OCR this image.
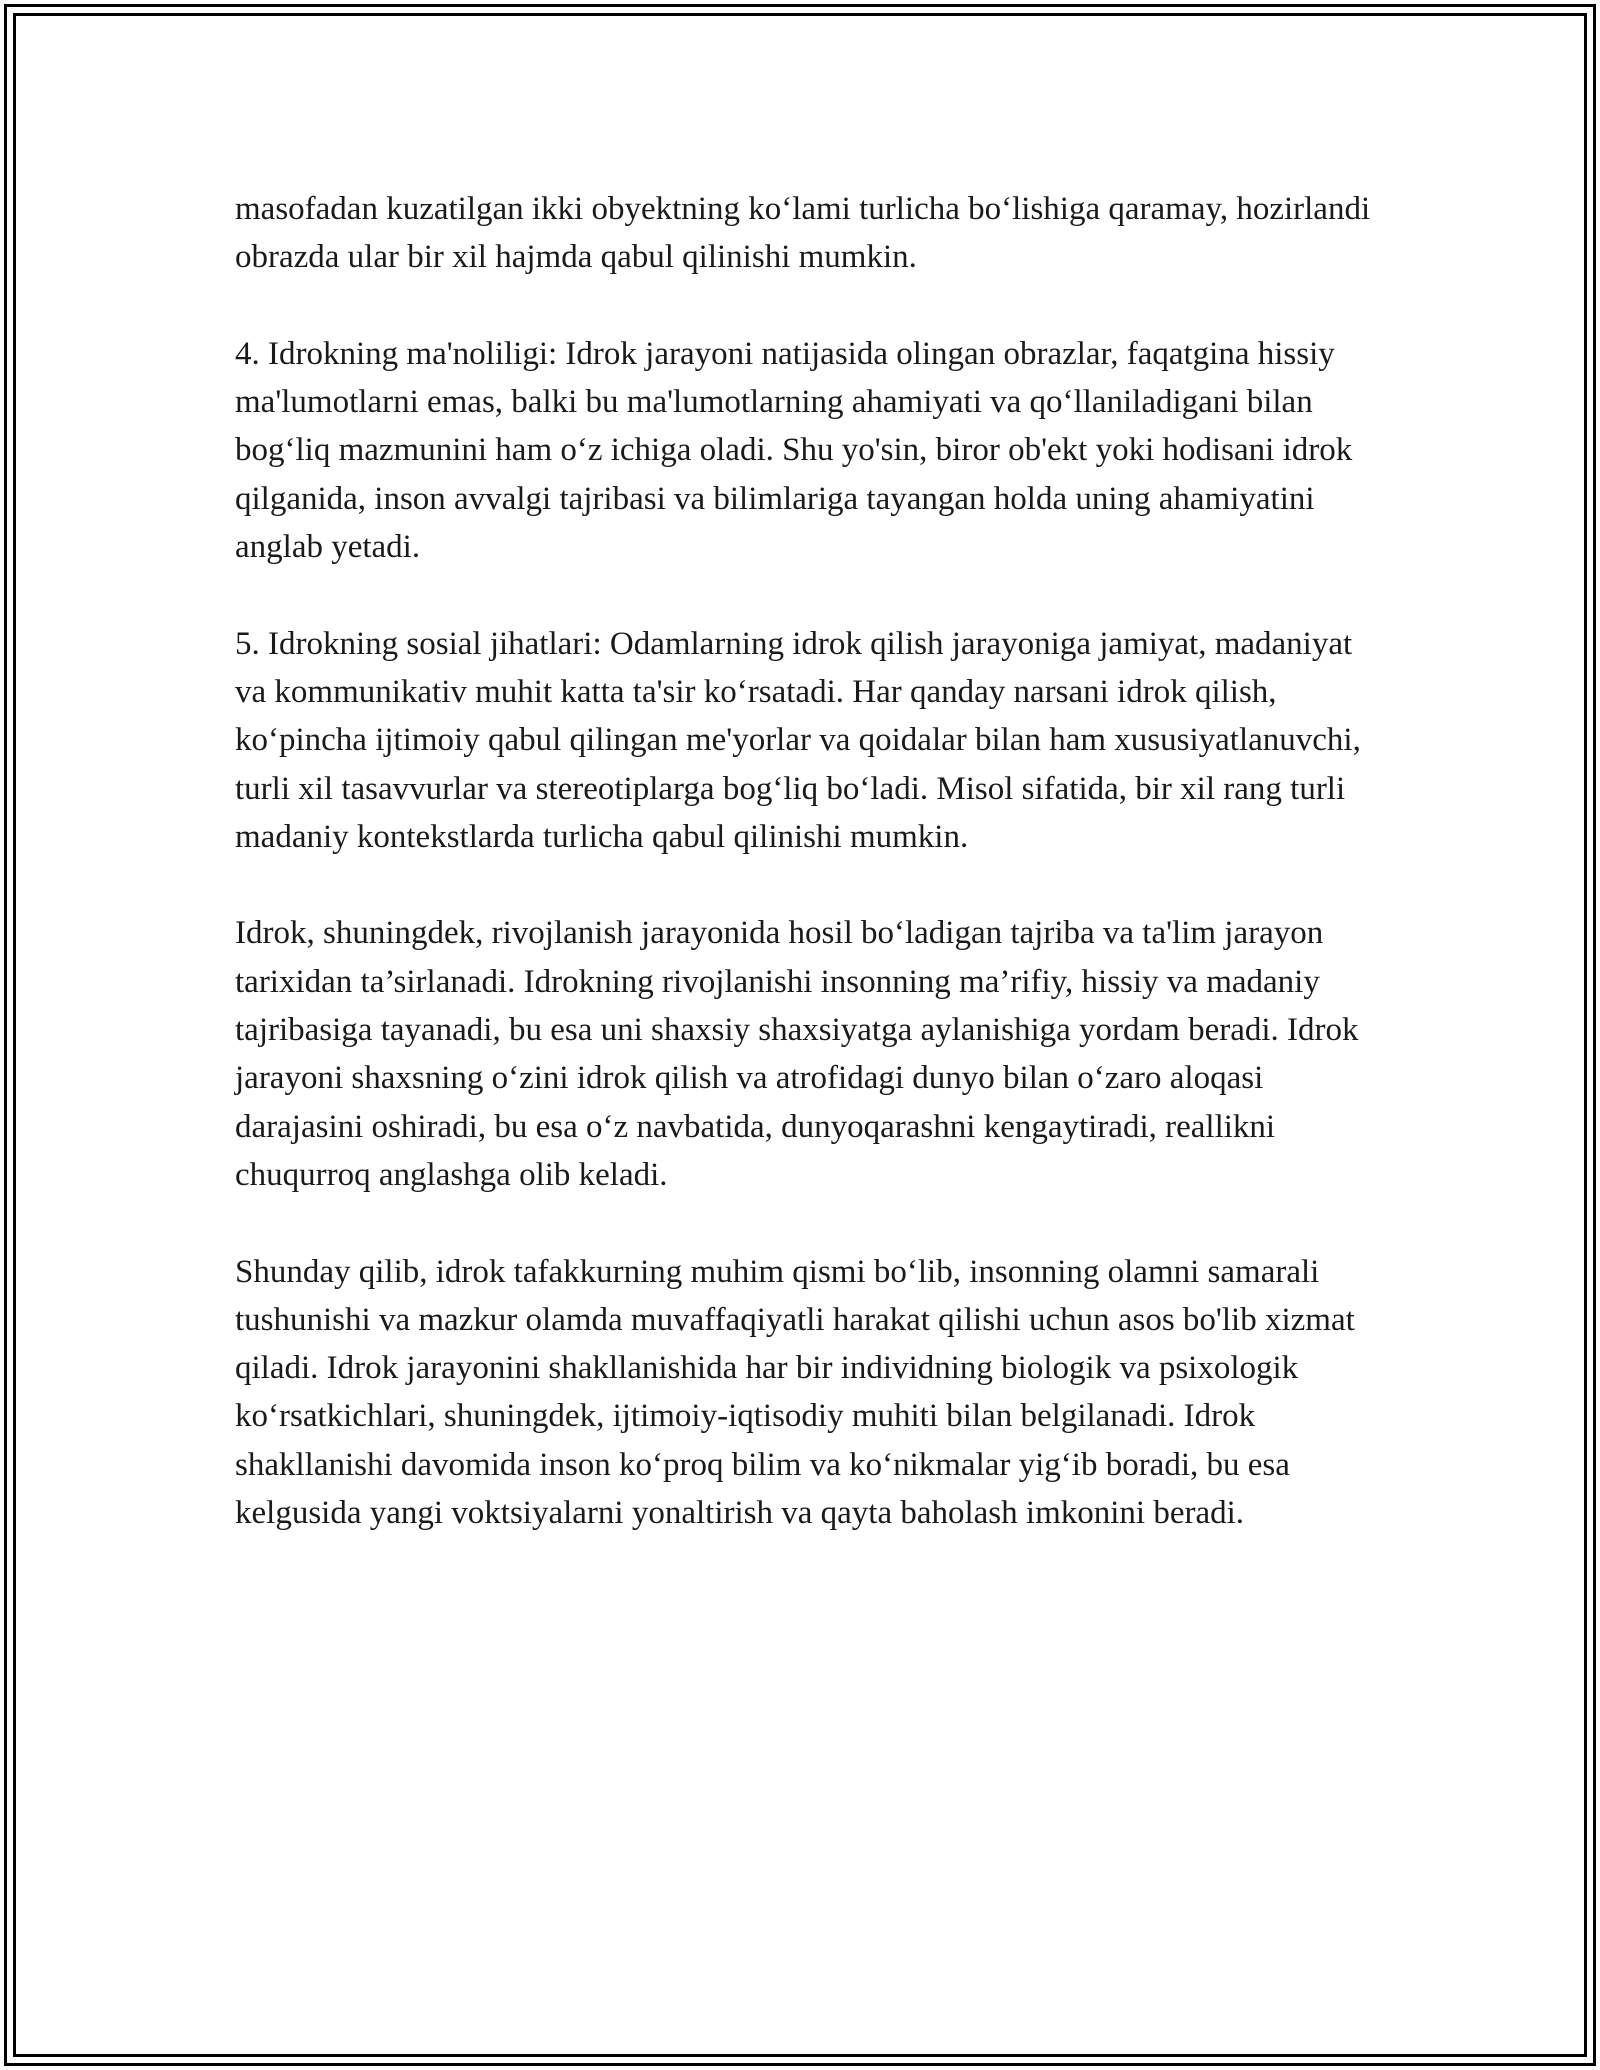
masofadan kuzatilgan ikki obyektning ko‘lami turlicha bo‘lishiga qaramay, hozirlandi obrazda ular bir xil hajmda qabul qilinishi mumkin.

4. Idrokning ma'noliligi: Idrok jarayoni natijasida olingan obrazlar, faqatgina hissiy ma'lumotlarni emas, balki bu ma'lumotlarning ahamiyati va qo‘llaniladigani bilan bog‘liq mazmunini ham o‘z ichiga oladi. Shu yo'sin, biror ob'ekt yoki hodisani idrok qilganida, inson avvalgi tajribasi va bilimlariga tayangan holda uning ahamiyatini anglab yetadi.

5. Idrokning sosial jihatlari: Odamlarning idrok qilish jarayoniga jamiyat, madaniyat va kommunikativ muhit katta ta'sir ko‘rsatadi. Har qanday narsani idrok qilish, ko‘pincha ijtimoiy qabul qilingan me'yorlar va qoidalar bilan ham xususiyatlanuvchi, turli xil tasavvurlar va stereotiplarga bog‘liq bo‘ladi. Misol sifatida, bir xil rang turli madaniy kontekstlarda turlicha qabul qilinishi mumkin.

Idrok, shuningdek, rivojlanish jarayonida hosil bo‘ladigan tajriba va ta'lim jarayon tarixidan ta’sirlanadi. Idrokning rivojlanishi insonning ma’rifiy, hissiy va madaniy tajribasiga tayanadi, bu esa uni shaxsiy shaxsiyatga aylanishiga yordam beradi. Idrok jarayoni shaxsning o‘zini idrok qilish va atrofidagi dunyo bilan o‘zaro aloqasi darajasini oshiradi, bu esa o‘z navbatida, dunyoqarashni kengaytiradi, reallikni chuqurroq anglashga olib keladi.

Shunday qilib, idrok tafakkurning muhim qismi bo‘lib, insonning olamni samarali tushunishi va mazkur olamda muvaffaqiyatli harakat qilishi uchun asos bo'lib xizmat qiladi. Idrok jarayonini shakllanishida har bir individning biologik va psixologik ko‘rsatkichlari, shuningdek, ijtimoiy-iqtisodiy muhiti bilan belgilanadi. Idrok shakllanishi davomida inson ko‘proq bilim va ko‘nikmalar yig‘ib boradi, bu esa kelgusida yangi voktsiyalarni yonaltirish va qayta baholash imkonini beradi.
